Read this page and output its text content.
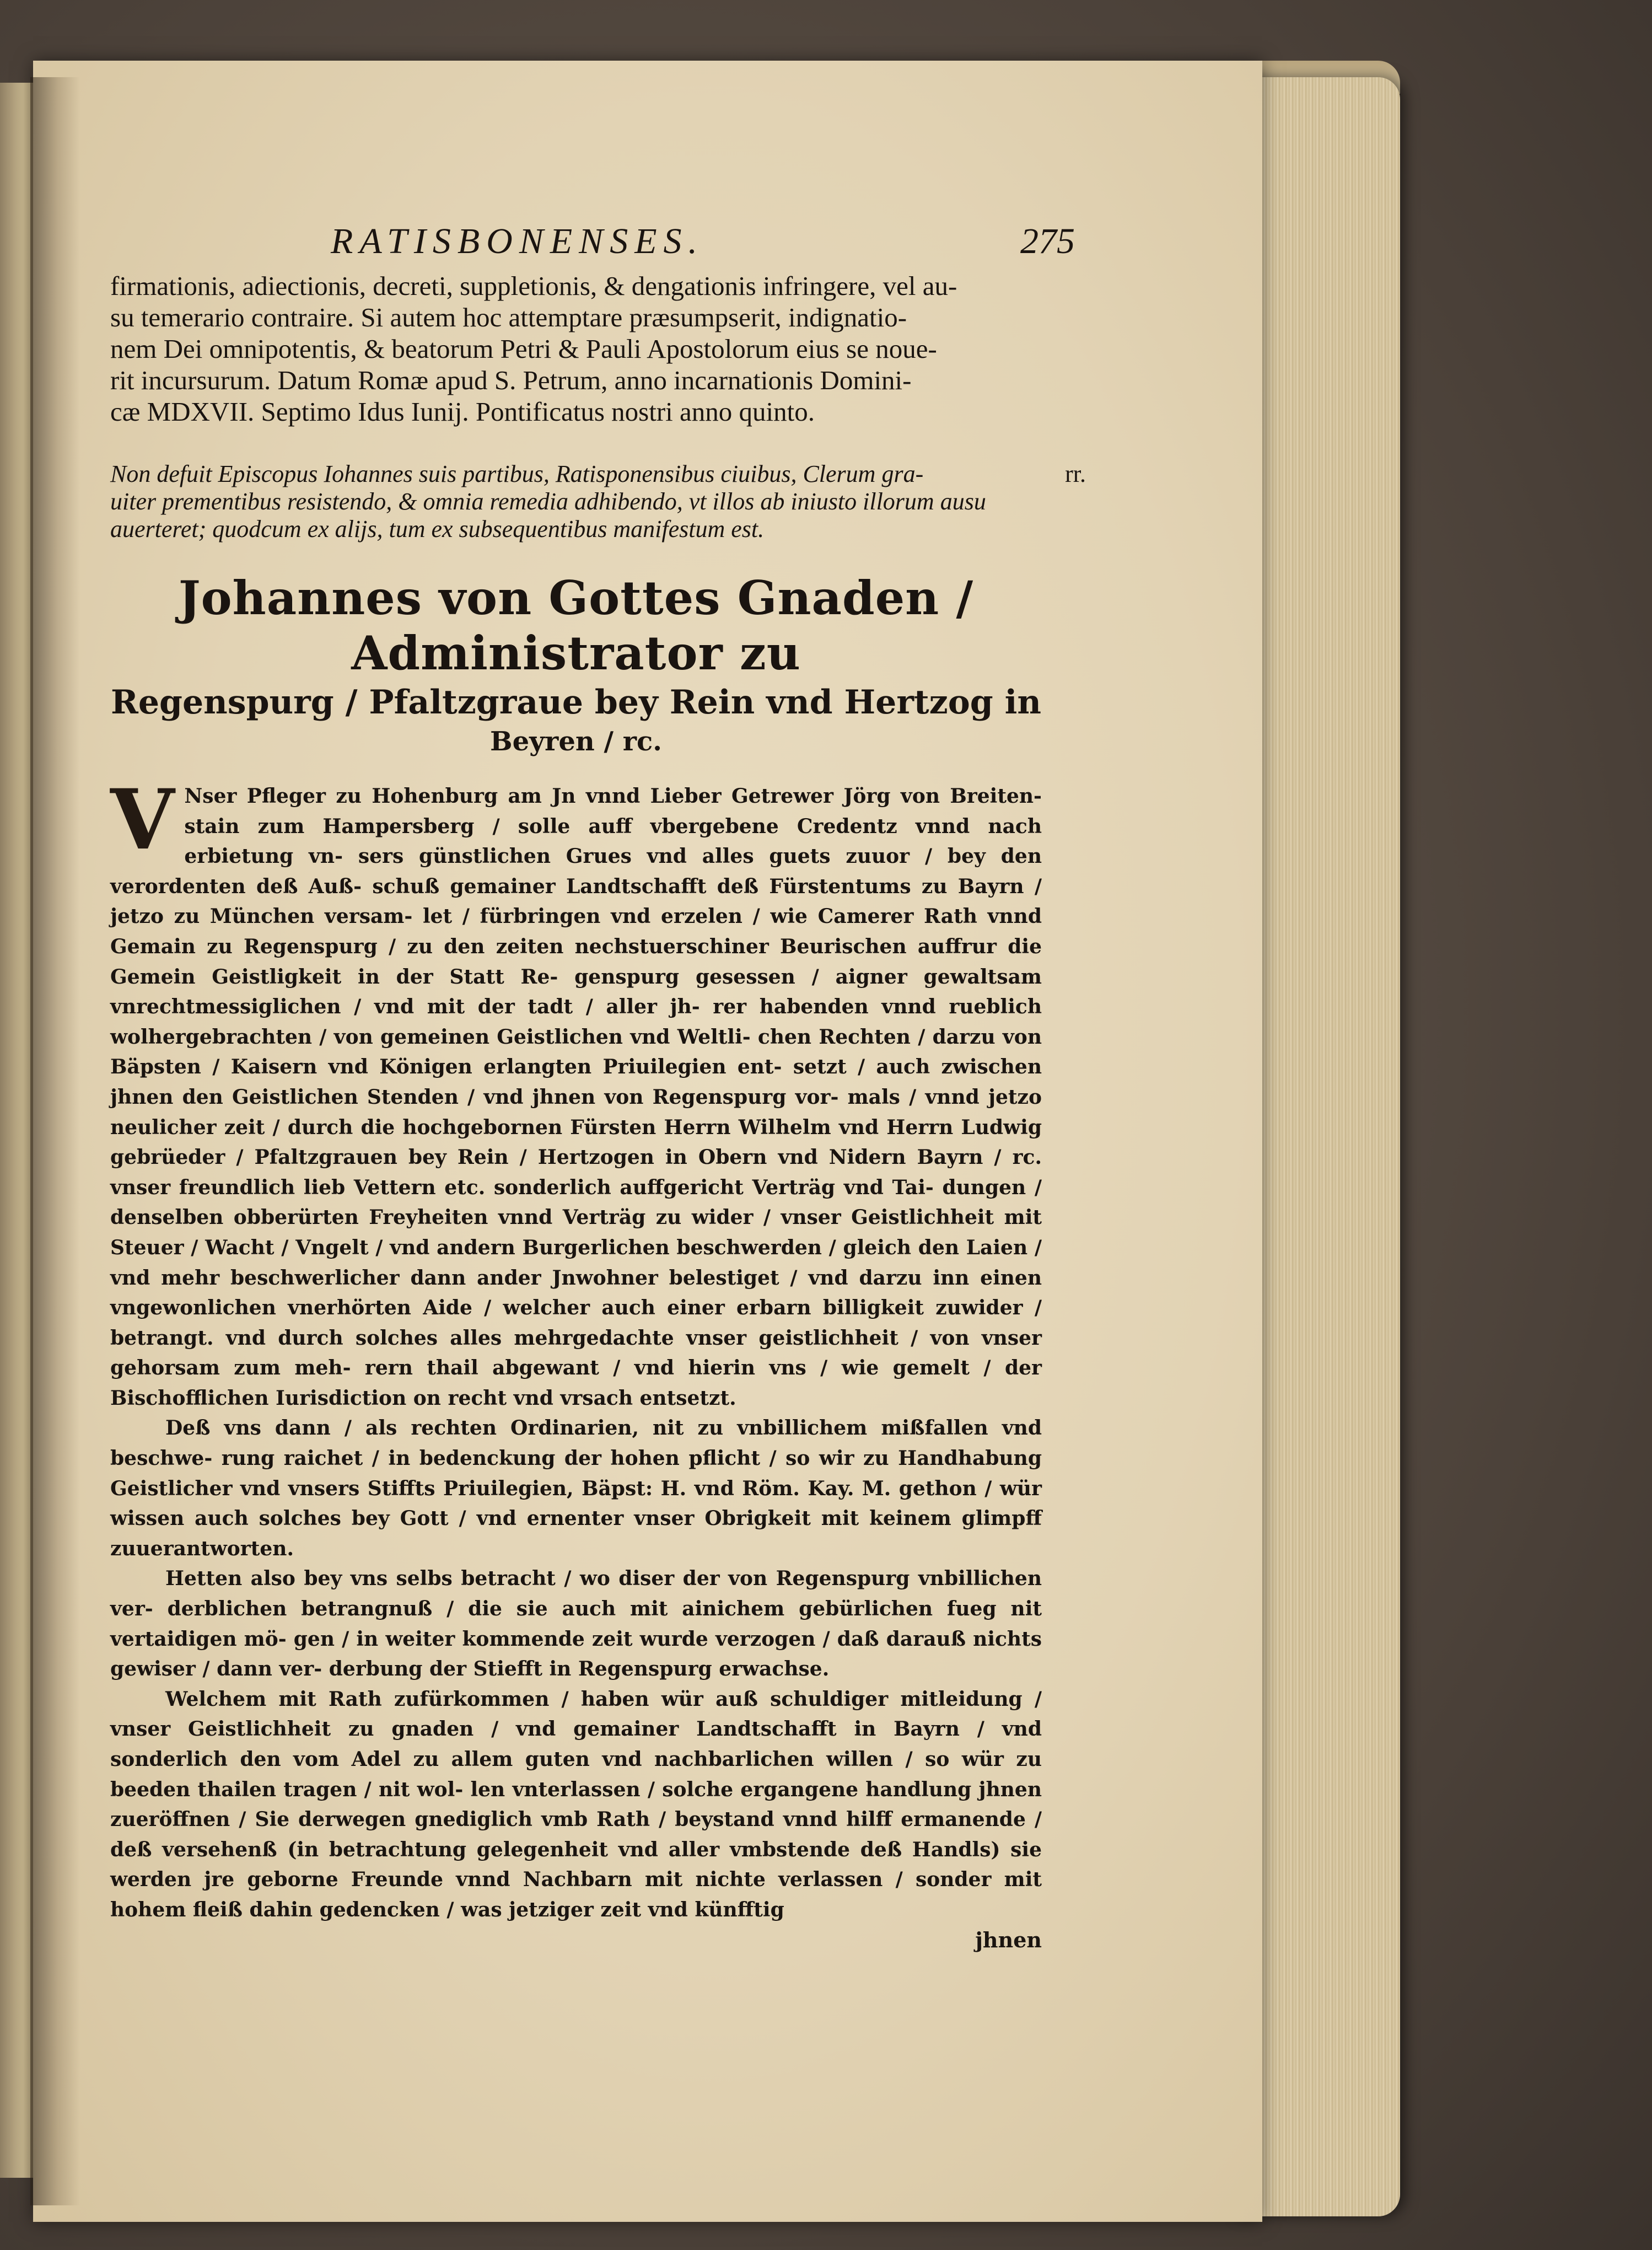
RATISBONENSES.	275

firmationis, adiectionis, decreti, suppletionis, & dengationis infringere, vel au-

su temerario contraire. Si autem hoc attemptare præsumpserit, indignatio-

nem Dei omnipotentis, & beatorum Petri & Pauli Apostolorum eius se noue-

rit incursurum. Datum Romæ apud S. Petrum, anno incarnationis Domini-

cæ MDXVII. Septimo Idus Iunij. Pontificatus nostri anno quinto.

rr.
Non defuit Episcopus Iohannes suis partibus, Ratisponensibus ciuibus, Clerum gra-
uiter prementibus resistendo, & omnia remedia adhibendo, vt illos ab iniusto illorum ausu
auerteret; quodcum ex alijs, tum ex subsequentibus manifestum est.
Johannes von Gottes Gnaden / Administrator zu
Regenspurg / Pfaltzgraue bey Rein vnd Hertzog in
Beyren / rc.

V Nser Pfleger zu Hohenburg am Jn vnnd Lieber Getrewer Jörg von Breiten- stain zum Hampersberg / solle auff vbergebene Credentz vnnd nach erbietung vn- sers günstlichen Grues vnd alles guets zuuor / bey den verordenten deß Auß- schuß gemainer Landtschafft deß Fürstentums zu Bayrn / jetzo zu München versam- let / fürbringen vnd erzelen / wie Camerer Rath vnnd Gemain zu Regenspurg / zu den zeiten nechstuerschiner Beurischen auffrur die Gemein Geistligkeit in der Statt Re- genspurg gesessen / aigner gewaltsam vnrechtmessiglichen / vnd mit der tadt / aller jh- rer habenden vnnd rueblich wolhergebrachten / von gemeinen Geistlichen vnd Weltli- chen Rechten / darzu von Bäpsten / Kaisern vnd Königen erlangten Priuilegien ent- setzt / auch zwischen jhnen den Geistlichen Stenden / vnd jhnen von Regenspurg vor- mals / vnnd jetzo neulicher zeit / durch die hochgebornen Fürsten Herrn Wilhelm vnd Herrn Ludwig gebrüeder / Pfaltzgrauen bey Rein / Hertzogen in Obern vnd Nidern Bayrn / rc. vnser freundlich lieb Vettern etc. sonderlich auffgericht Verträg vnd Tai- dungen / denselben obberürten Freyheiten vnnd Verträg zu wider / vnser Geistlichheit mit Steuer / Wacht / Vngelt / vnd andern Burgerlichen beschwerden / gleich den Laien / vnd mehr beschwerlicher dann ander Jnwohner belestiget / vnd darzu inn einen vngewonlichen vnerhörten Aide / welcher auch einer erbarn billigkeit zuwider / betrangt. vnd durch solches alles mehrgedachte vnser geistlichheit / von vnser gehorsam zum meh- rern thail abgewant / vnd hierin vns / wie gemelt / der Bischofflichen Iurisdiction on recht vnd vrsach entsetzt.

Deß vns dann / als rechten Ordinarien, nit zu vnbillichem mißfallen vnd beschwe- rung raichet / in bedenckung der hohen pflicht / so wir zu Handhabung Geistlicher vnd vnsers Stiffts Priuilegien, Bäpst: H. vnd Röm. Kay. M. gethon / wür wissen auch solches bey Gott / vnd ernenter vnser Obrigkeit mit keinem glimpff zuuerantworten.

Hetten also bey vns selbs betracht / wo diser der von Regenspurg vnbillichen ver- derblichen betrangnuß / die sie auch mit ainichem gebürlichen fueg nit vertaidigen mö- gen / in weiter kommende zeit wurde verzogen / daß darauß nichts gewiser / dann ver- derbung der Stiefft in Regenspurg erwachse.

Welchem mit Rath zufürkommen / haben wür auß schuldiger mitleidung / vnser Geistlichheit zu gnaden / vnd gemainer Landtschafft in Bayrn / vnd sonderlich den vom Adel zu allem guten vnd nachbarlichen willen / so wür zu beeden thailen tragen / nit wol- len vnterlassen / solche ergangene handlung jhnen zueröffnen / Sie derwegen gnediglich vmb Rath / beystand vnnd hilff ermanende / deß versehenß (in betrachtung gelegenheit vnd aller vmbstende deß Handls) sie werden jre geborne Freunde vnnd Nachbarn mit nichte verlassen / sonder mit hohem fleiß dahin gedencken / was jetziger zeit vnd künfftig

jhnen
